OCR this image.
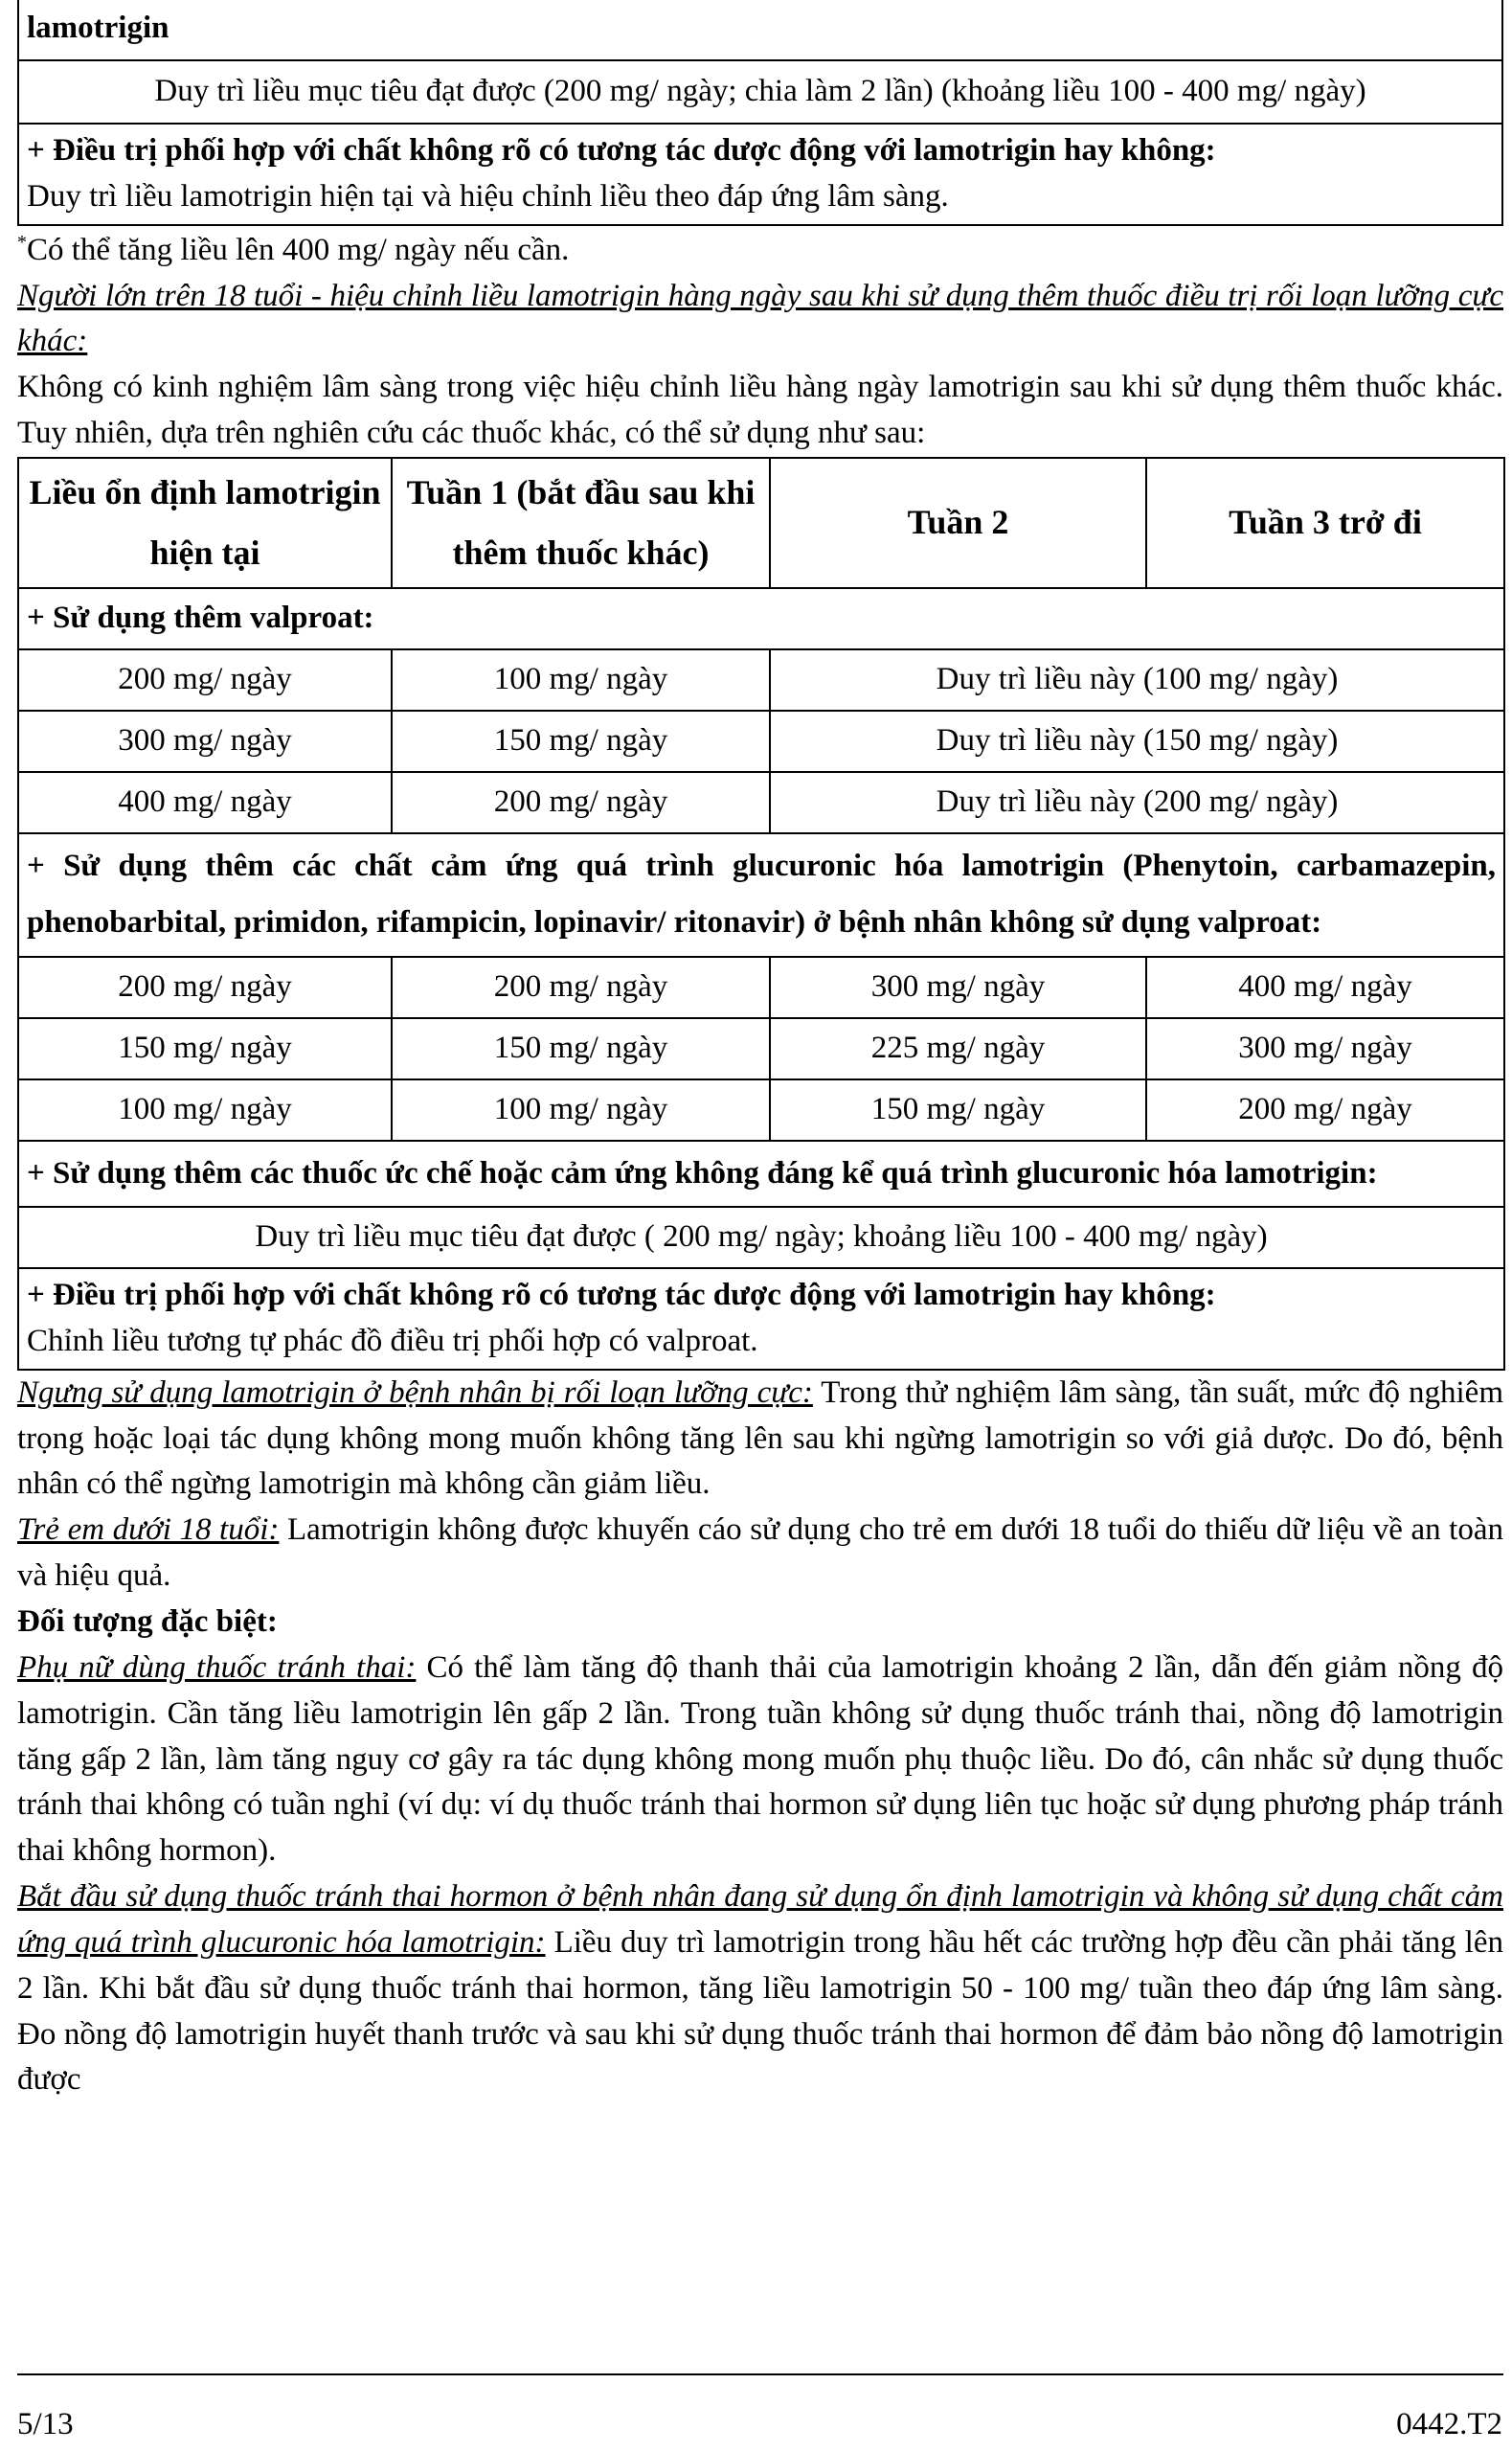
lamotrigin
Duy trì liều mục tiêu đạt được (200 mg/ ngày; chia làm 2 lần) (khoảng liều 100 - 400 mg/ ngày)

+ Điều trị phối hợp với chất không rõ có tương tác dược động với lamotrigin hay không:

Duy trì liều lamotrigin hiện tại và hiệu chỉnh liều theo đáp ứng lâm sàng.

*Có thể tăng liều lên 400 mg/ ngày nếu cần.

Người lớn trên 18 tuổi - hiệu chỉnh liều lamotrigin hàng ngày sau khi sử dụng thêm thuốc điều trị rối loạn lưỡng cực khác:

Không có kinh nghiệm lâm sàng trong việc hiệu chỉnh liều hàng ngày lamotrigin sau khi sử dụng thêm thuốc khác. Tuy nhiên, dựa trên nghiên cứu các thuốc khác, có thể sử dụng như sau:

Liều ổn định lamotrigin hiện tại	Tuần 1 (bắt đầu sau khi thêm thuốc khác)	Tuần 2	Tuần 3 trở đi
+ Sử dụng thêm valproat:			
200 mg/ ngày	100 mg/ ngày	Duy trì liều này (100 mg/ ngày)	
300 mg/ ngày	150 mg/ ngày	Duy trì liều này (150 mg/ ngày)	
400 mg/ ngày	200 mg/ ngày	Duy trì liều này (200 mg/ ngày)	
+ Sử dụng thêm các chất cảm ứng quá trình glucuronic hóa lamotrigin (Phenytoin, carbamazepin, phenobarbital, primidon, rifampicin, lopinavir/ ritonavir) ở bệnh nhân không sử dụng valproat:			
200 mg/ ngày	200 mg/ ngày	300 mg/ ngày	400 mg/ ngày
150 mg/ ngày	150 mg/ ngày	225 mg/ ngày	300 mg/ ngày
100 mg/ ngày	100 mg/ ngày	150 mg/ ngày	200 mg/ ngày
+ Sử dụng thêm các thuốc ức chế hoặc cảm ứng không đáng kể quá trình glucuronic hóa lamotrigin:			
Duy trì liều mục tiêu đạt được ( 200 mg/ ngày; khoảng liều 100 - 400 mg/ ngày)			

+ Điều trị phối hợp với chất không rõ có tương tác dược động với lamotrigin hay không:

Chỉnh liều tương tự phác đồ điều trị phối hợp có valproat.			

Ngưng sử dụng lamotrigin ở bệnh nhân bị rối loạn lưỡng cực: Trong thử nghiệm lâm sàng, tần suất, mức độ nghiêm trọng hoặc loại tác dụng không mong muốn không tăng lên sau khi ngừng lamotrigin so với giả dược. Do đó, bệnh nhân có thể ngừng lamotrigin mà không cần giảm liều.

Trẻ em dưới 18 tuổi: Lamotrigin không được khuyến cáo sử dụng cho trẻ em dưới 18 tuổi do thiếu dữ liệu về an toàn và hiệu quả.

Đối tượng đặc biệt:

Phụ nữ dùng thuốc tránh thai: Có thể làm tăng độ thanh thải của lamotrigin khoảng 2 lần, dẫn đến giảm nồng độ lamotrigin. Cần tăng liều lamotrigin lên gấp 2 lần. Trong tuần không sử dụng thuốc tránh thai, nồng độ lamotrigin tăng gấp 2 lần, làm tăng nguy cơ gây ra tác dụng không mong muốn phụ thuộc liều. Do đó, cân nhắc sử dụng thuốc tránh thai không có tuần nghỉ (ví dụ: ví dụ thuốc tránh thai hormon sử dụng liên tục hoặc sử dụng phương pháp tránh thai không hormon).

Bắt đầu sử dụng thuốc tránh thai hormon ở bệnh nhân đang sử dụng ổn định lamotrigin và không sử dụng chất cảm ứng quá trình glucuronic hóa lamotrigin: Liều duy trì lamotrigin trong hầu hết các trường hợp đều cần phải tăng lên 2 lần. Khi bắt đầu sử dụng thuốc tránh thai hormon, tăng liều lamotrigin 50 - 100 mg/ tuần theo đáp ứng lâm sàng. Đo nồng độ lamotrigin huyết thanh trước và sau khi sử dụng thuốc tránh thai hormon để đảm bảo nồng độ lamotrigin được

5/13	0442.T2
